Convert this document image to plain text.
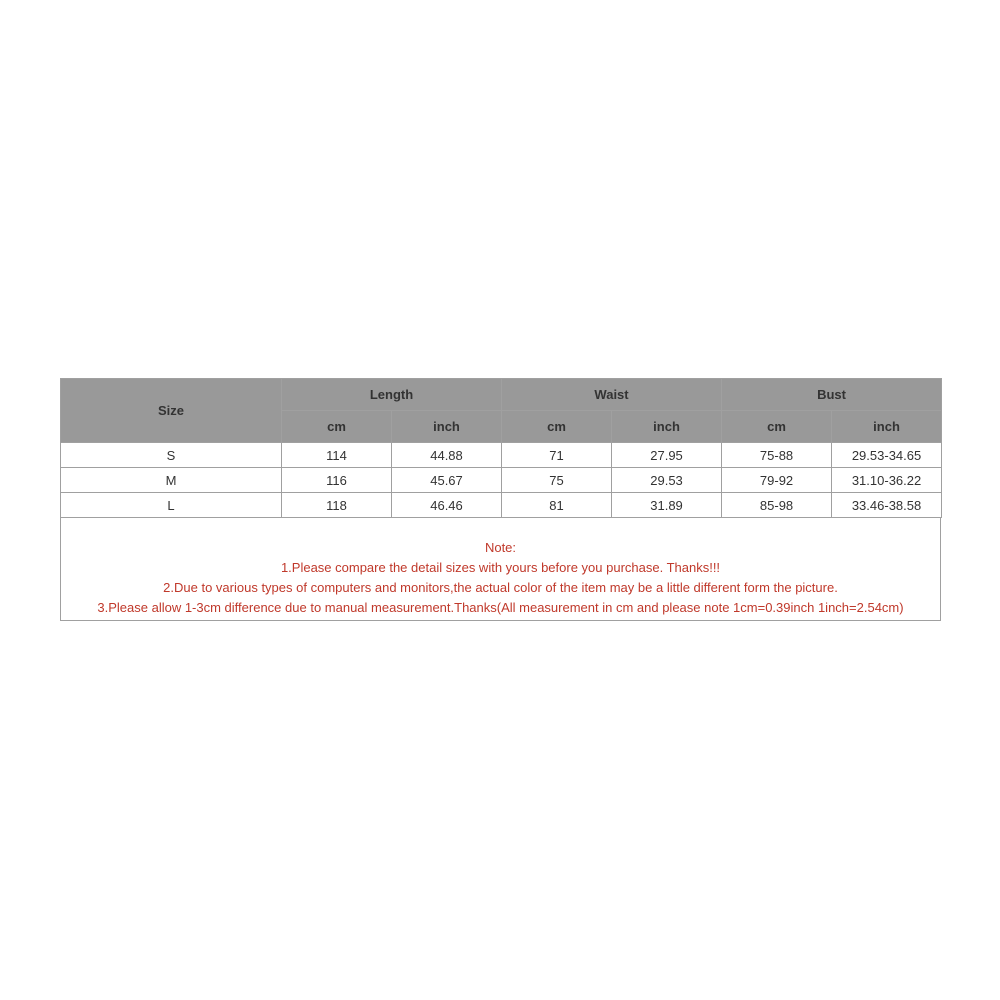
Size	Length		Waist		Bust	
	cm	inch	cm	inch	cm	inch
S	114	44.88	71	27.95	75-88	29.53-34.65
M	116	45.67	75	29.53	79-92	31.10-36.22
L	118	46.46	81	31.89	85-98	33.46-38.58
Note:
1.Please compare the detail sizes with yours before you purchase. Thanks!!!
2.Due to various types of computers and monitors,the actual color of the item may be a little different form the picture.
3.Please allow 1-3cm difference due to manual measurement.Thanks(All measurement in cm and please note 1cm=0.39inch 1inch=2.54cm)
